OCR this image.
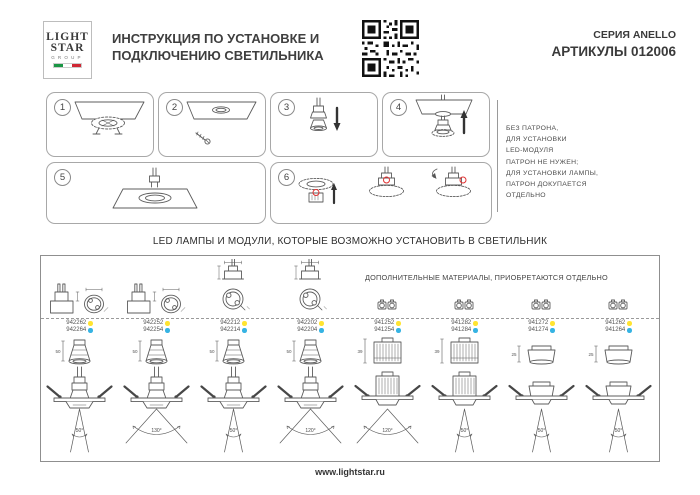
LIGHT
STAR
GROUP
ИНСТРУКЦИЯ ПО УСТАНОВКЕ И
ПОДКЛЮЧЕНИЮ СВЕТИЛЬНИКА
СЕРИЯ ANELLO
АРТИКУЛЫ 012006
1	2	3	4
5	6
БЕЗ ПАТРОНА,
ДЛЯ УСТАНОВКИ
LED-МОДУЛЯ
ПАТРОН НЕ НУЖЕН;
ДЛЯ УСТАНОВКИ ЛАМПЫ,
ПАТРОН ДОКУПАЕТСЯ
ОТДЕЛЬНО
LED ЛАМПЫ И МОДУЛИ, КОТОРЫЕ ВОЗМОЖНО УСТАНОВИТЬ В СВЕТИЛЬНИК
ДОПОЛНИТЕЛЬНЫЕ МАТЕРИАЛЫ, ПРИОБРЕТАЮТСЯ ОТДЕЛЬНО
942262
942264
50
50°
942252
942254
50
130°
942212
942214
50
50°
942202
942204
50
120°
941252
941254
39
120°
941282
941284
39
50°
941272
941274
25
50°
941262
941264
25
50°
www.lightstar.ru
